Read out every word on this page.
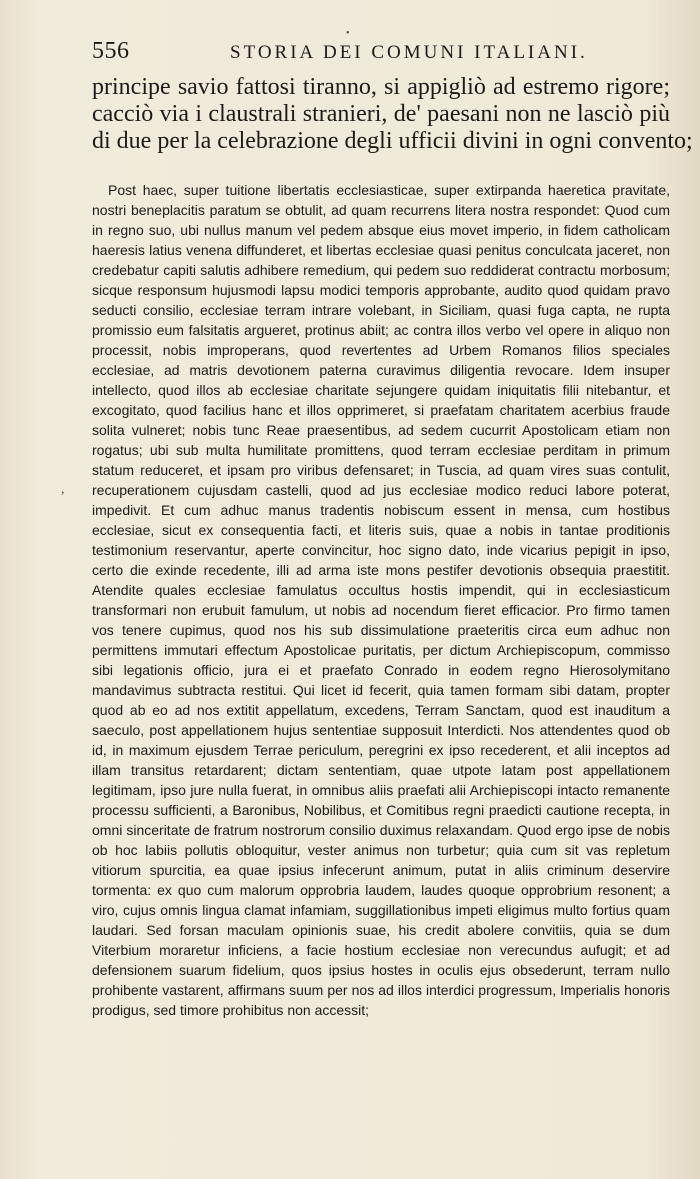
•
556	STORIA DEI COMUNI ITALIANI.
principe savio fattosi tiranno, si appigliò ad estremo rigore;
cacciò via i claustrali stranieri, de' paesani non ne lasciò più
di due per la celebrazione degli ufficii divini in ogni convento;
,

Post haec, super tuitione libertatis ecclesiasticae, super extirpanda haeretica pravitate, nostri beneplacitis paratum se obtulit, ad quam recurrens litera nostra respondet: Quod cum in regno suo, ubi nullus manum vel pedem absque eius movet imperio, in fidem catholicam haeresis latius venena diffunderet, et libertas ecclesiae quasi penitus conculcata jaceret, non credebatur capiti salutis adhibere remedium, qui pedem suo reddiderat contractu morbosum; sicque responsum hujusmodi lapsu modici temporis approbante, audito quod quidam pravo seducti consilio, ecclesiae terram intrare volebant, in Siciliam, quasi fuga capta, ne rupta promissio eum falsitatis argueret, protinus abiit; ac contra illos verbo vel opere in aliquo non processit, nobis improperans, quod revertentes ad Urbem Romanos filios speciales ecclesiae, ad matris devotionem paterna curavimus diligentia revocare. Idem insuper intellecto, quod illos ab ecclesiae charitate sejungere quidam iniquitatis filii nitebantur, et excogitato, quod facilius hanc et illos opprimeret, si praefatam charitatem acerbius fraude solita vulneret; nobis tunc Reae praesentibus, ad sedem cucurrit Apostolicam etiam non rogatus; ubi sub multa humilitate promittens, quod terram ecclesiae perditam in primum statum reduceret, et ipsam pro viribus defensaret; in Tuscia, ad quam vires suas contulit, recuperationem cujusdam castelli, quod ad jus ecclesiae modico reduci labore poterat, impedivit. Et cum adhuc manus tradentis nobiscum essent in mensa, cum hostibus ecclesiae, sicut ex consequentia facti, et literis suis, quae a nobis in tantae proditionis testimonium reservantur, aperte convincitur, hoc signo dato, inde vicarius pepigit in ipso, certo die exinde recedente, illi ad arma iste mons pestifer devotionis obsequia praestitit. Atendite quales ecclesiae famulatus occultus hostis impendit, qui in ecclesiasticum transformari non erubuit famulum, ut nobis ad nocendum fieret efficacior. Pro firmo tamen vos tenere cupimus, quod nos his sub dissimulatione praeteritis circa eum adhuc non permittens immutari effectum Apostolicae puritatis, per dictum Archiepiscopum, commisso sibi legationis officio, jura ei et praefato Conrado in eodem regno Hierosolymitano mandavimus subtracta restitui. Qui licet id fecerit, quia tamen formam sibi datam, propter quod ab eo ad nos extitit appellatum, excedens, Terram Sanctam, quod est inauditum a saeculo, post appellationem hujus sententiae supposuit Interdicti. Nos attendentes quod ob id, in maximum ejusdem Terrae periculum, peregrini ex ipso recederent, et alii inceptos ad illam transitus retardarent; dictam sententiam, quae utpote latam post appellationem legitimam, ipso jure nulla fuerat, in omnibus aliis praefati alii Archiepiscopi intacto remanente processu sufficienti, a Baronibus, Nobilibus, et Comitibus regni praedicti cautione recepta, in omni sinceritate de fratrum nostrorum consilio duximus relaxandam. Quod ergo ipse de nobis ob hoc labiis pollutis obloquitur, vester animus non turbetur; quia cum sit vas repletum vitiorum spurcitia, ea quae ipsius infecerunt animum, putat in aliis criminum deservire tormenta: ex quo cum malorum opprobria laudem, laudes quoque opprobrium resonent; a viro, cujus omnis lingua clamat infamiam, suggillationibus impeti eligimus multo fortius quam laudari. Sed forsan maculam opinionis suae, his credit abolere convitiis, quia se dum Viterbium moraretur inficiens, a facie hostium ecclesiae non verecundus aufugit; et ad defensionem suarum fidelium, quos ipsius hostes in oculis ejus obsederunt, terram nullo prohibente vastarent, affirmans suum per nos ad illos interdici progressum, Imperialis honoris prodigus, sed timore prohibitus non accessit;
